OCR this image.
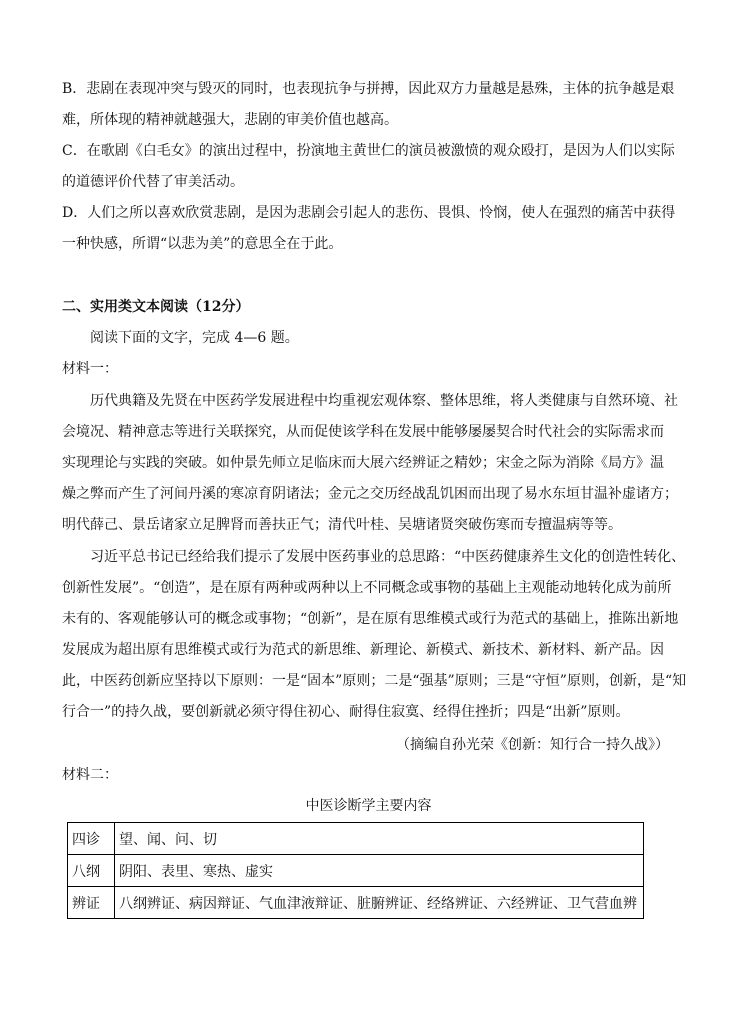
B．悲剧在表现冲突与毁灭的同时，也表现抗争与拼搏，因此双方力量越是悬殊，主体的抗争越是艰
难，所体现的精神就越强大，悲剧的审美价值也越高。
C．在歌剧《白毛女》的演出过程中，扮演地主黄世仁的演员被激愤的观众殴打，是因为人们以实际
的道德评价代替了审美活动。
D．人们之所以喜欢欣赏悲剧，是因为悲剧会引起人的悲伤、畏惧、怜悯，使人在强烈的痛苦中获得
一种快感，所谓“以悲为美”的意思全在于此。
二、实用类文本阅读（12分）
阅读下面的文字，完成 4—6 题。
材料一：
历代典籍及先贤在中医药学发展进程中均重视宏观体察、整体思维，将人类健康与自然环境、社
会境况、精神意志等进行关联探究，从而促使该学科在发展中能够屡屡契合时代社会的实际需求而
实现理论与实践的突破。如仲景先师立足临床而大展六经辨证之精妙；宋金之际为消除《局方》温
燥之弊而产生了河间丹溪的寒凉育阴诸法；金元之交历经战乱饥困而出现了易水东垣甘温补虚诸方；
明代薛己、景岳诸家立足脾肾而善扶正气；清代叶桂、吴塘诸贤突破伤寒而专擅温病等等。
习近平总书记已经给我们提示了发展中医药事业的总思路：“中医药健康养生文化的创造性转化、
创新性发展”。“创造”，是在原有两种或两种以上不同概念或事物的基础上主观能动地转化成为前所
未有的、客观能够认可的概念或事物；“创新”，是在原有思维模式或行为范式的基础上，推陈出新地
发展成为超出原有思维模式或行为范式的新思维、新理论、新模式、新技术、新材料、新产品。因
此，中医药创新应坚持以下原则：一是“固本”原则；二是“强基”原则；三是“守恒”原则，创新，是“知
行合一”的持久战，要创新就必须守得住初心、耐得住寂寞、经得住挫折；四是“出新”原则。
（摘编自孙光荣《创新：知行合一持久战》）
材料二：
中医诊断学主要内容
四诊	望、闻、问、切
八纲	阴阳、表里、寒热、虚实
辨证	八纲辨证、病因辩证、气血津液辩证、脏腑辨证、经络辨证、六经辨证、卫气营血辨
